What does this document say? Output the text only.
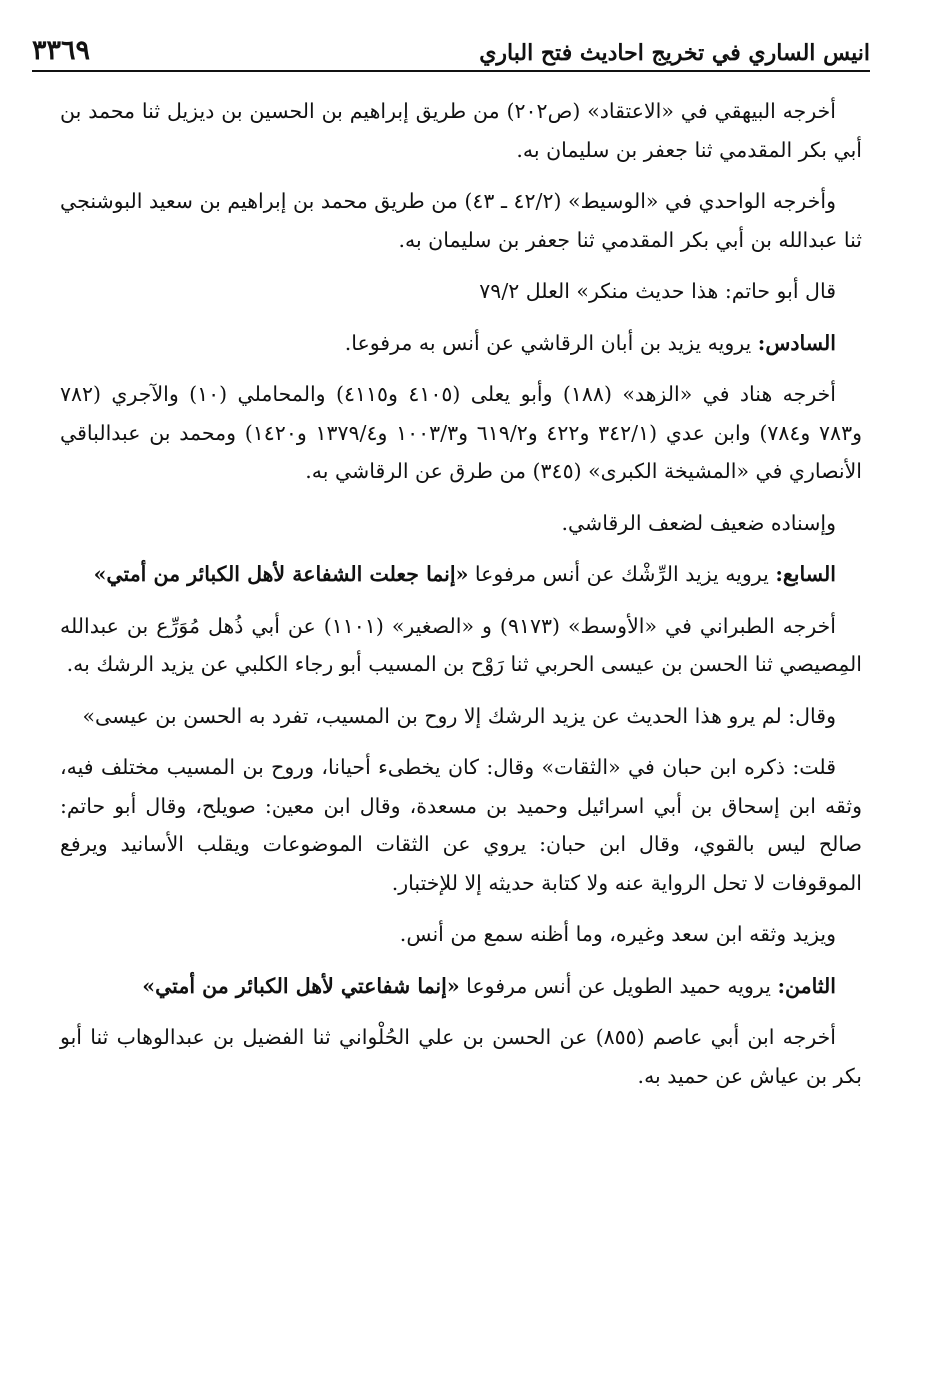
انيس الساري في تخريج احاديث فتح الباري
٣٣٦٩

أخرجه البيهقي في «الاعتقاد» (ص٢٠٢) من طريق إبراهيم بن الحسين بن ديزيل ثنا محمد بن أبي بكر المقدمي ثنا جعفر بن سليمان به.

وأخرجه الواحدي في «الوسيط» (٤٢/٢ ـ ٤٣) من طريق محمد بن إبراهيم بن سعيد البوشنجي ثنا عبدالله بن أبي بكر المقدمي ثنا جعفر بن سليمان به.

قال أبو حاتم: هذا حديث منكر» العلل ٧٩/٢

السادس: يرويه يزيد بن أبان الرقاشي عن أنس به مرفوعا.

أخرجه هناد في «الزهد» (١٨٨) وأبو يعلى (٤١٠٥ و٤١١٥) والمحاملي (١٠) والآجري (٧٨٢ و٧٨٣ و٧٨٤) وابن عدي (٣٤٢/١ و٤٢٢ و٦١٩/٢ و١٠٠٣/٣ و١٣٧٩/٤ و١٤٢٠) ومحمد بن عبدالباقي الأنصاري في «المشيخة الكبرى» (٣٤٥) من طرق عن الرقاشي به.

وإسناده ضعيف لضعف الرقاشي.

السابع: يرويه يزيد الرِّشْك عن أنس مرفوعا «إنما جعلت الشفاعة لأهل الكبائر من أمتي»

أخرجه الطبراني في «الأوسط» (٩١٧٣) و «الصغير» (١١٠١) عن أبي ذُهل مُوَرِّع بن عبدالله المِصيصي ثنا الحسن بن عيسى الحربي ثنا رَوْح بن المسيب أبو رجاء الكلبي عن يزيد الرشك به.

وقال: لم يرو هذا الحديث عن يزيد الرشك إلا روح بن المسيب، تفرد به الحسن بن عيسى»

قلت: ذكره ابن حبان في «الثقات» وقال: كان يخطىء أحيانا، وروح بن المسيب مختلف فيه، وثقه ابن إسحاق بن أبي اسرائيل وحميد بن مسعدة، وقال ابن معين: صويلح، وقال أبو حاتم: صالح ليس بالقوي، وقال ابن حبان: يروي عن الثقات الموضوعات ويقلب الأسانيد ويرفع الموقوفات لا تحل الرواية عنه ولا كتابة حديثه إلا للإختبار.

ويزيد وثقه ابن سعد وغيره، وما أظنه سمع من أنس.

الثامن: يرويه حميد الطويل عن أنس مرفوعا «إنما شفاعتي لأهل الكبائر من أمتي»

أخرجه ابن أبي عاصم (٨٥٥) عن الحسن بن علي الحُلْواني ثنا الفضيل بن عبدالوهاب ثنا أبو بكر بن عياش عن حميد به.
